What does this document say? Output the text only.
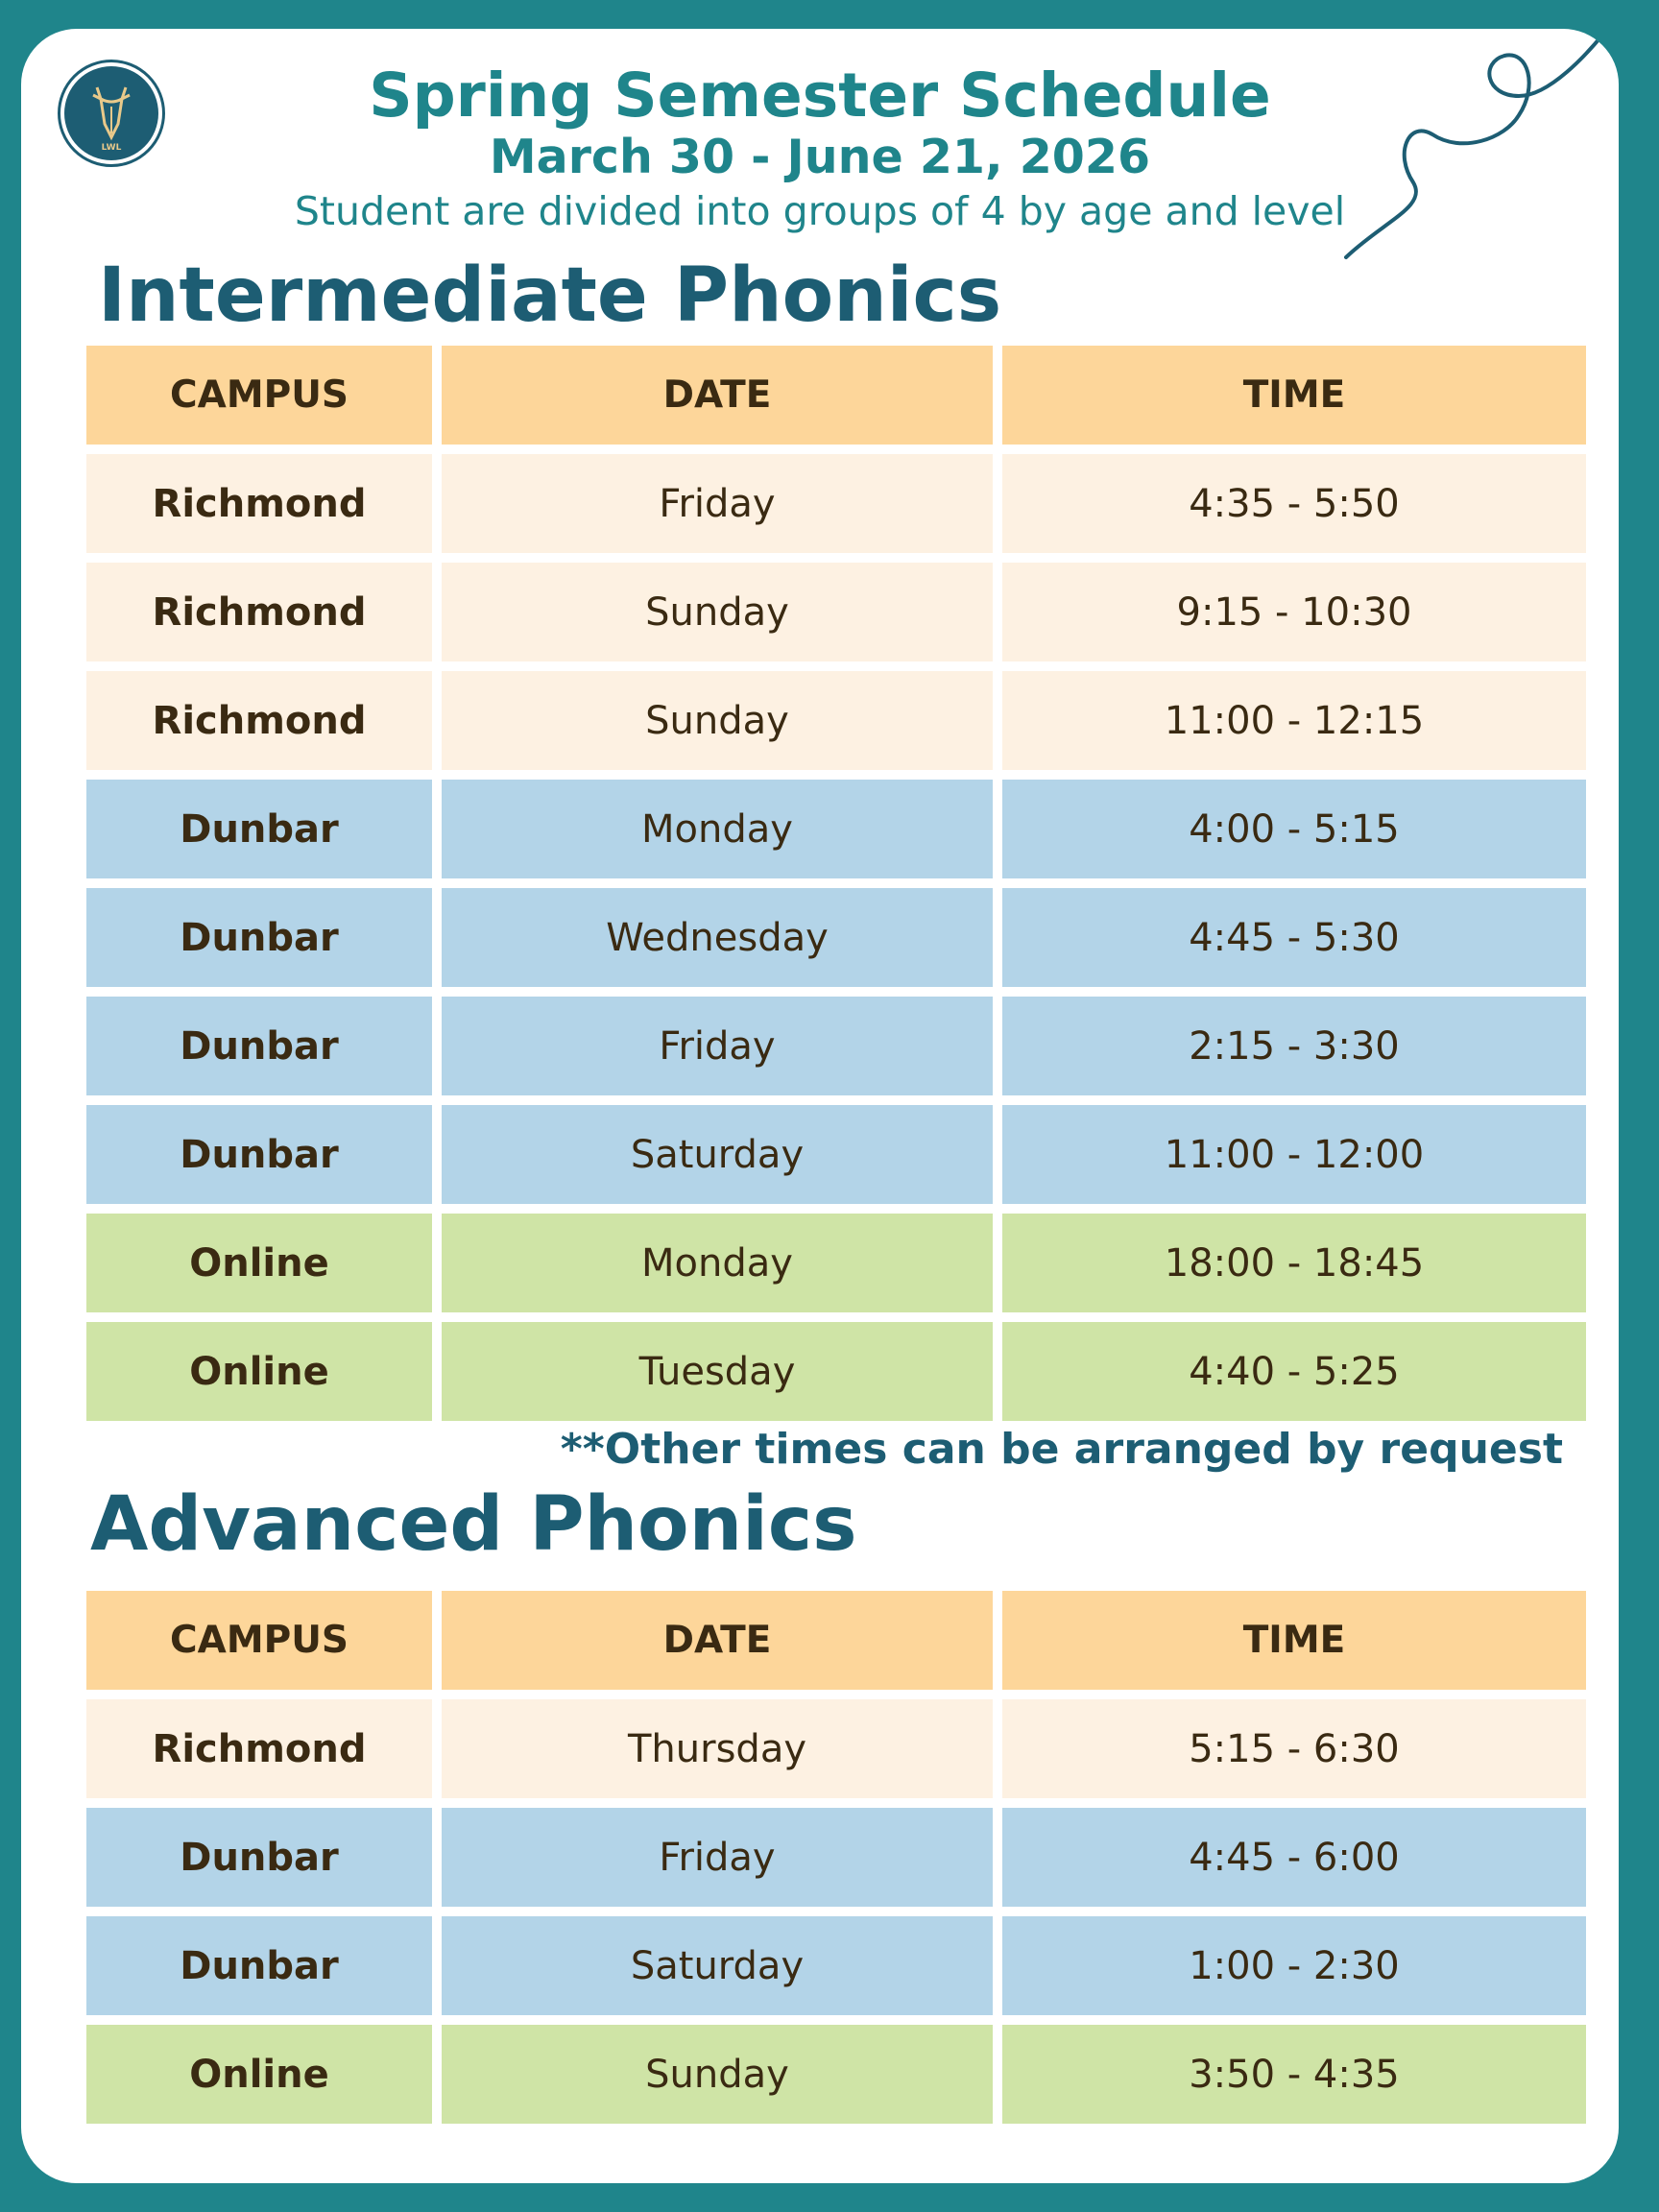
LWL
Spring Semester Schedule
March 30 - June 21, 2026
Student are divided into groups of 4 by age and level
Intermediate Phonics
CAMPUS	DATE	TIME
Richmond	Friday	4:35 - 5:50
Richmond	Sunday	9:15 - 10:30
Richmond	Sunday	11:00 - 12:15
Dunbar	Monday	4:00 - 5:15
Dunbar	Wednesday	4:45 - 5:30
Dunbar	Friday	2:15 - 3:30
Dunbar	Saturday	11:00 - 12:00
Online	Monday	18:00 - 18:45
Online	Tuesday	4:40 - 5:25
**Other times can be arranged by request
Advanced Phonics
CAMPUS	DATE	TIME
Richmond	Thursday	5:15 - 6:30
Dunbar	Friday	4:45 - 6:00
Dunbar	Saturday	1:00 - 2:30
Online	Sunday	3:50 - 4:35
